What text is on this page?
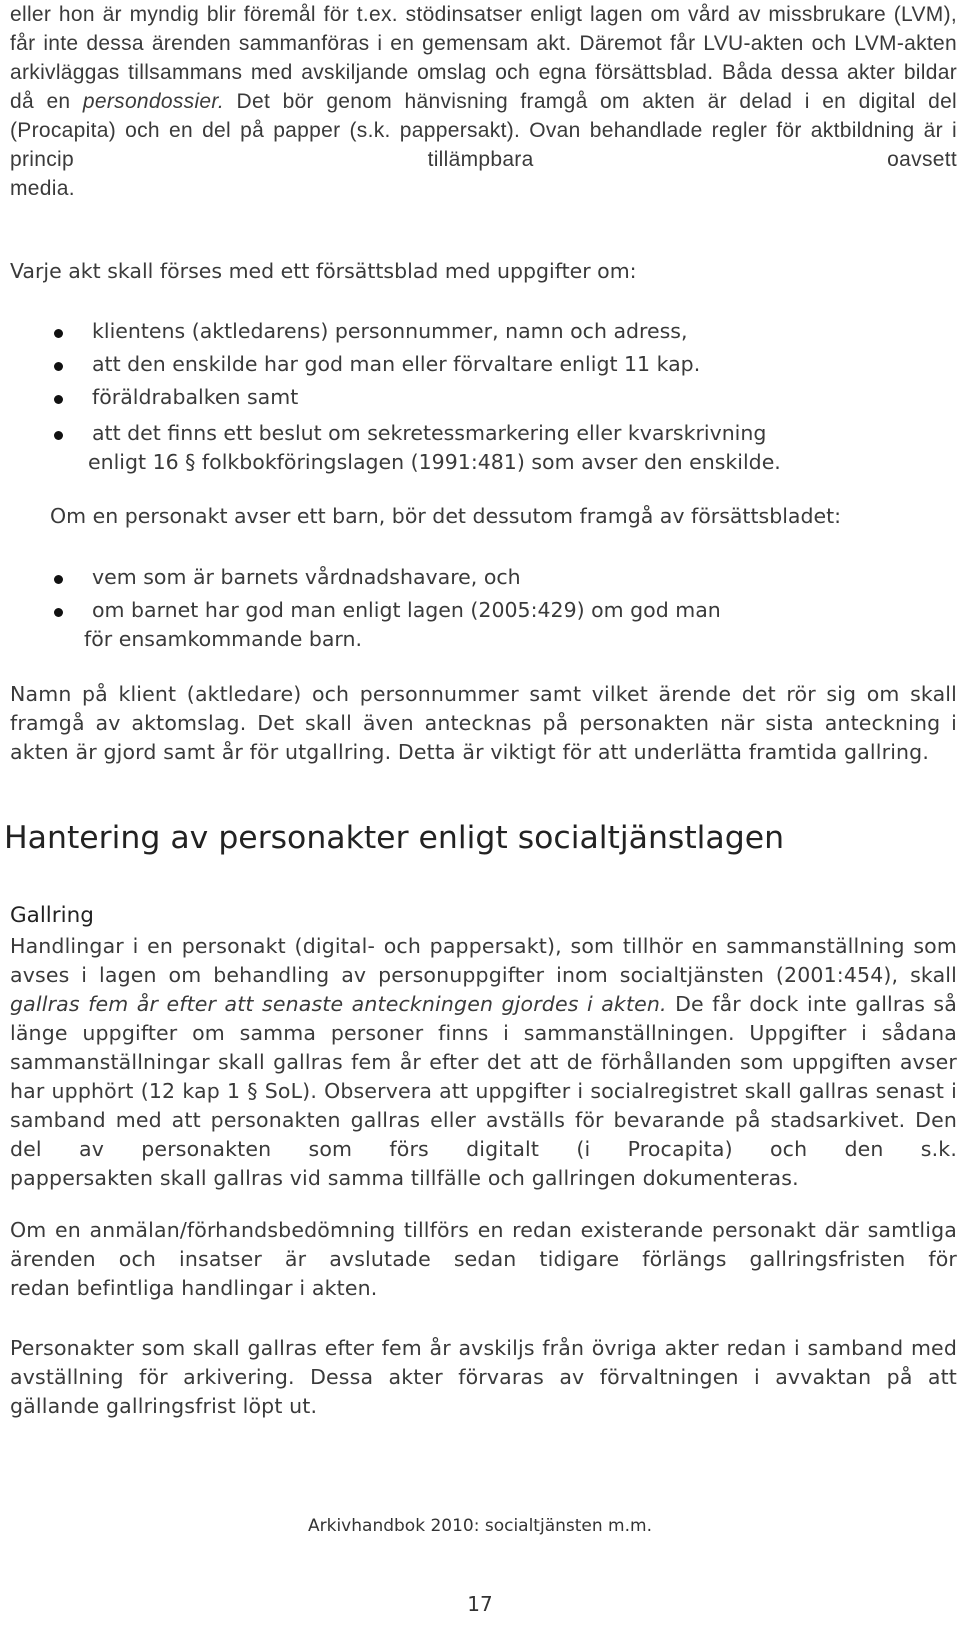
eller hon är myndig blir föremål för t.ex. stödinsatser enligt lagen om vård av missbrukare (LVM), får inte dessa ärenden sammanföras i en gemensam akt. Däremot får LVU-akten och LVM-akten arkivläggas tillsammans med avskiljande omslag och egna försättsblad. Båda dessa akter bildar då en persondossier. Det bör genom hänvisning framgå om akten är delad i en digital del (Procapita) och en del på papper (s.k. pappersakt). Ovan behandlade regler för aktbildning är i princip tillämpbara oavsett
media.

Varje akt skall förses med ett försättsblad med uppgifter om:

klientens (aktledarens) personnummer, namn och adress,
att den enskilde har god man eller förvaltare enligt 11 kap.
föräldrabalken samt
att det finns ett beslut om sekretessmarkering eller kvarskrivning
enligt 16 § folkbokföringslagen (1991:481) som avser den enskilde.

Om en personakt avser ett barn, bör det dessutom framgå av försättsbladet:

vem som är barnets vårdnadshavare, och
om barnet har god man enligt lagen (2005:429) om god man
för ensamkommande barn.

Namn på klient (aktledare) och personnummer samt vilket ärende det rör sig om skall framgå av aktomslag. Det skall även antecknas på personakten när sista anteckning i
akten är gjord samt år för utgallring. Detta är viktigt för att underlätta framtida gallring.

Hantering av personakter enligt socialtjänstlagen
Gallring

Handlingar i en personakt (digital- och pappersakt), som tillhör en sammanställning som avses i lagen om behandling av personuppgifter inom socialtjänsten (2001:454), skall gallras fem år efter att senaste anteckningen gjordes i akten. De får dock inte gallras så länge uppgifter om samma personer finns i sammanställningen. Uppgifter i sådana sammanställningar skall gallras fem år efter det att de förhållanden som uppgiften avser har upphört (12 kap 1 § SoL). Observera att uppgifter i socialregistret skall gallras senast i samband med att personakten gallras eller avställs för bevarande på stadsarkivet. Den del av personakten som förs digitalt (i Procapita) och den s.k.
pappersakten skall gallras vid samma tillfälle och gallringen dokumenteras.

Om en anmälan/förhandsbedömning tillförs en redan existerande personakt där samtliga ärenden och insatser är avslutade sedan tidigare förlängs gallringsfristen för
redan befintliga handlingar i akten.

Personakter som skall gallras efter fem år avskiljs från övriga akter redan i samband med avställning för arkivering. Dessa akter förvaras av förvaltningen i avvaktan på att
gällande gallringsfrist löpt ut.

Arkivhandbok 2010: socialtjänsten m.m.

17
